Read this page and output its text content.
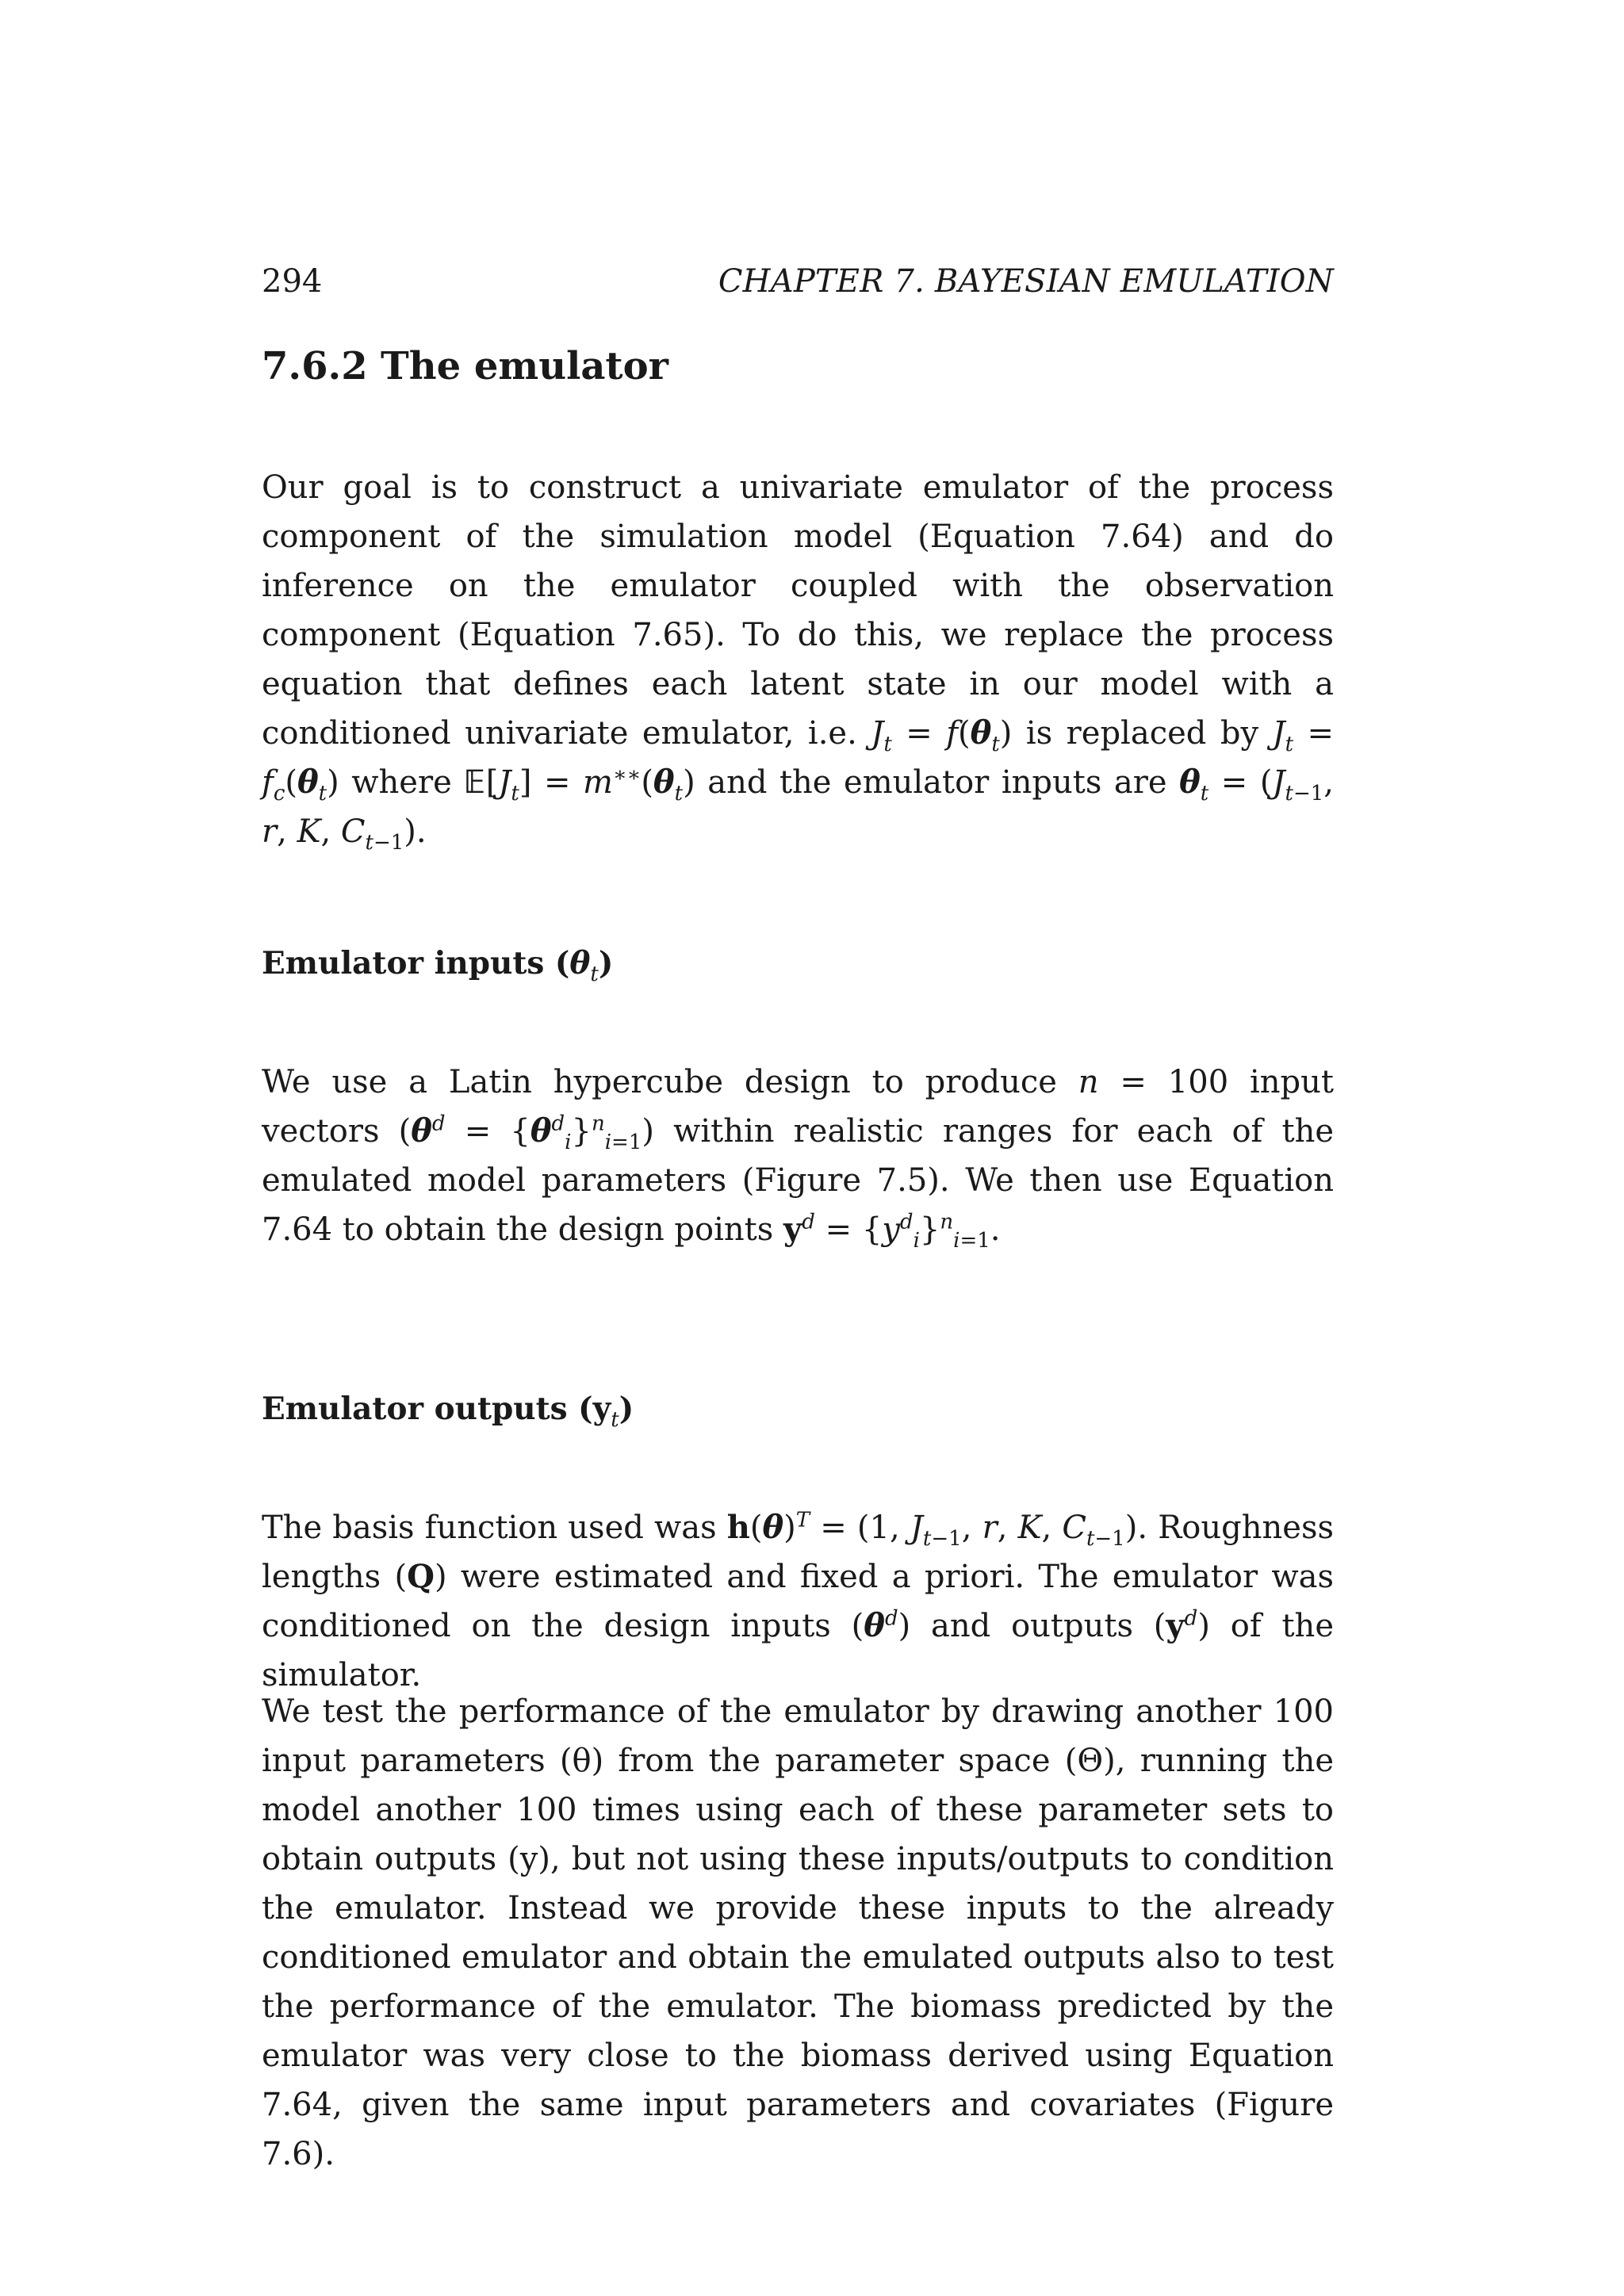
294	CHAPTER 7. BAYESIAN EMULATION
7.6.2 The emulator

Our goal is to construct a univariate emulator of the process component of the simulation model (Equation 7.64) and do inference on the emulator coupled with the observation component (Equation 7.65). To do this, we replace the process equation that defines each latent state in our model with a conditioned univariate emulator, i.e. $J_t = f(\theta_t)$ is replaced by $J_t = f_c(\theta_t)$ where $𝔼[J_t] = m^{∗∗}(\theta_t)$ and the emulator inputs are $\theta_t = (J_{t-1}$, r, K, $C_{t-1}$).

Emulator inputs $(\theta_t)$

We use a Latin hypercube design to produce n = 100 input vectors $(\theta^d = \{\theta^d_i\}^n_{i=1})$ within realistic ranges for each of the emulated model parameters (Figure 7.5). We then use Equation 7.64 to obtain the design points $y^d = \{y^d_i\}^n_{i=1}$.

Emulator outputs $(y_t)$

The basis function used was $h(\theta)^T = (1$, $J_{t-1}$, r, K, $C_{t-1}$). Roughness lengths (Q) were estimated and fixed a priori. The emulator was conditioned on the design inputs $(\theta^d)$ and outputs $(y^d)$ of the simulator.

We test the performance of the emulator by drawing another 100 input parameters (θ) from the parameter space (Θ), running the model another 100 times using each of these parameter sets to obtain outputs (y), but not using these inputs/outputs to condition the emulator. Instead we provide these inputs to the already conditioned emulator and obtain the emulated outputs also to test the performance of the emulator. The biomass predicted by the emulator was very close to the biomass derived using Equation 7.64, given the same input parameters and covariates (Figure 7.6).
